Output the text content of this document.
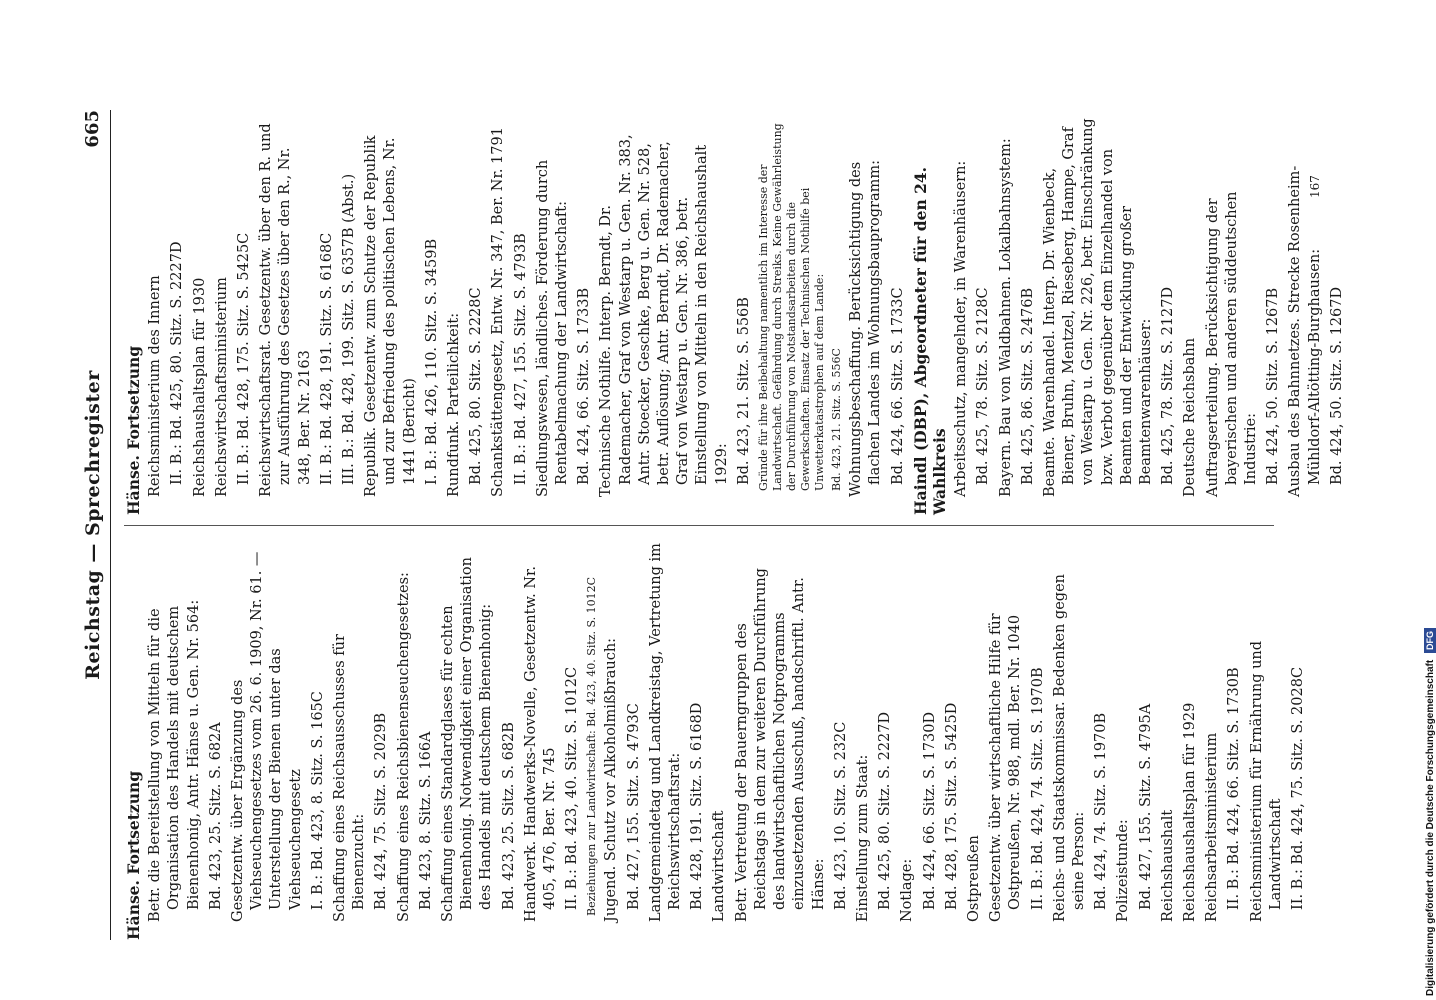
Reichstag — Sprechregister
665
Hänse. Fortsetzung Betr. die Bereitstellung von Mitteln für die Organisation des Handels mit deutschem Bienenhonig, Antr. Hänse u. Gen. Nr. 564: Bd. 423, 25. Sitz. S. 682A Gesetzentw. über Ergänzung des Viehseuchengesetzes vom 26. 6. 1909, Nr. 61. — Unterstellung der Bienen unter das Viehseuchengesetz I. B.: Bd. 423, 8. Sitz. S. 165C Schaffung eines Reichsausschusses für Bienenzucht: Bd. 424, 75. Sitz. S. 2029B Schaffung eines Reichsbienenseuchengesetzes: Bd. 423, 8. Sitz. S. 166A Schaffung eines Standardglases für echten Bienenhonig. Notwendigkeit einer Organisation des Handels mit deutschem Bienenhonig: Bd. 423, 25. Sitz. S. 682B Handwerk. Handwerks-Novelle, Gesetzentw. Nr. 405, 476, Ber. Nr. 745 II. B.: Bd. 423, 40. Sitz. S. 1012C Beziehungen zur Landwirtschaft: Bd. 423, 40. Sitz. S. 1012C Jugend. Schutz vor Alkoholmißbrauch: Bd. 427, 155. Sitz. S. 4793C Landgemeindetag und Landkreistag, Vertretung im Reichswirtschaftsrat: Bd. 428, 191. Sitz. S. 6168D Landwirtschaft Betr. Vertretung der Bauerngruppen des Reichstags in dem zur weiteren Durchführung des landwirtschaftlichen Notprogramms einzusetzenden Ausschuß, handschriftl. Antr. Hänse: Bd. 423, 10. Sitz. S. 232C Einstellung zum Staat: Bd. 425, 80. Sitz. S. 2227D Notlage: Bd. 424, 66. Sitz. S. 1730D Bd. 428, 175. Sitz. S. 5425D Ostpreußen Gesetzentw. über wirtschaftliche Hilfe für Ostpreußen, Nr. 988, mdl. Ber. Nr. 1040 II. B.: Bd. 424, 74. Sitz. S. 1970B Reichs- und Staatskommissar. Bedenken gegen seine Person: Bd. 424, 74. Sitz. S. 1970B Polizeistunde: Bd. 427, 155. Sitz. S. 4795A Reichshaushalt Reichshaushaltsplan für 1929 Reichsarbeitsministerium II. B.: Bd. 424, 66. Sitz. S. 1730B Reichsministerium für Ernährung und Landwirtschaft II. B.: Bd. 424, 75. Sitz. S. 2028C
Hänse. Fortsetzung Reichsministerium des Innern II. B.: Bd. 425, 80. Sitz. S. 2227D Reichshaushaltsplan für 1930 Reichswirtschaftsministerium II. B.: Bd. 428, 175. Sitz. S. 5425C Reichswirtschaftsrat. Gesetzentw. über den R. und zur Ausführung des Gesetzes über den R., Nr. 348, Ber. Nr. 2163 II. B.: Bd. 428, 191. Sitz. S. 6168C III. B.: Bd. 428, 199. Sitz. S. 6357B (Abst.) Republik. Gesetzentw. zum Schutze der Republik und zur Befriedung des politischen Lebens, Nr. 1441 (Bericht) I. B.: Bd. 426, 110. Sitz. S. 3459B Rundfunk. Parteilichkeit: Bd. 425, 80. Sitz. S. 2228C Schankstättengesetz, Entw. Nr. 347, Ber. Nr. 1791 II. B.: Bd. 427, 155. Sitz. S. 4793B Siedlungswesen, ländliches. Förderung durch Rentabelmachung der Landwirtschaft: Bd. 424, 66. Sitz. S. 1733B Technische Nothilfe. Interp. Berndt, Dr. Rademacher, Graf von Westarp u. Gen. Nr. 383, Antr. Stoecker, Geschke, Berg u. Gen. Nr. 528, betr. Auflösung; Antr. Berndt, Dr. Rademacher, Graf von Westarp u. Gen. Nr. 386, betr. Einstellung von Mitteln in den Reichshaushalt 1929: Bd. 423, 21. Sitz. S. 556B Gründe für ihre Beibehaltung namentlich im Interesse der Landwirtschaft. Gefährdung durch Streiks. Keine Gewährleistung der Durchführung von Notstandsarbeiten durch die Gewerkschaften. Einsatz der Technischen Nothilfe bei Unwetterkatastrophen auf dem Lande: Bd. 423, 21. Sitz. S. 556C Wohnungsbeschaffung. Berücksichtigung des flachen Landes im Wohnungsbauprogramm: Bd. 424, 66. Sitz. S. 1733C Haindl (DBP), Abgeordneter für den 24. Wahlkreis Arbeitsschutz, mangelnder, in Warenhäusern: Bd. 425, 78. Sitz. S. 2128C Bayern. Bau von Waldbahnen. Lokalbahnsystem: Bd. 425, 86. Sitz. S. 2476B Beamte. Warenhandel. Interp. Dr. Wienbeck, Biener, Bruhn, Mentzel, Rieseberg, Hampe, Graf von Westarp u. Gen. Nr. 226, betr. Einschränkung bzw. Verbot gegenüber dem Einzelhandel von Beamten und der Entwicklung großer Beamtenwarenhäuser: Bd. 425, 78. Sitz. S. 2127D Deutsche Reichsbahn Auftragserteilung. Berücksichtigung der bayerischen und anderen süddeutschen Industrie: Bd. 424, 50. Sitz. S. 1267B Ausbau des Bahnnetzes. Strecke Rosenheim-Mühldorf-Altötting-Burghausen: Bd. 424, 50. Sitz. S. 1267D
167
Digitalisierung gefördert durch die Deutsche Forschungsgemeinschaft DFG
